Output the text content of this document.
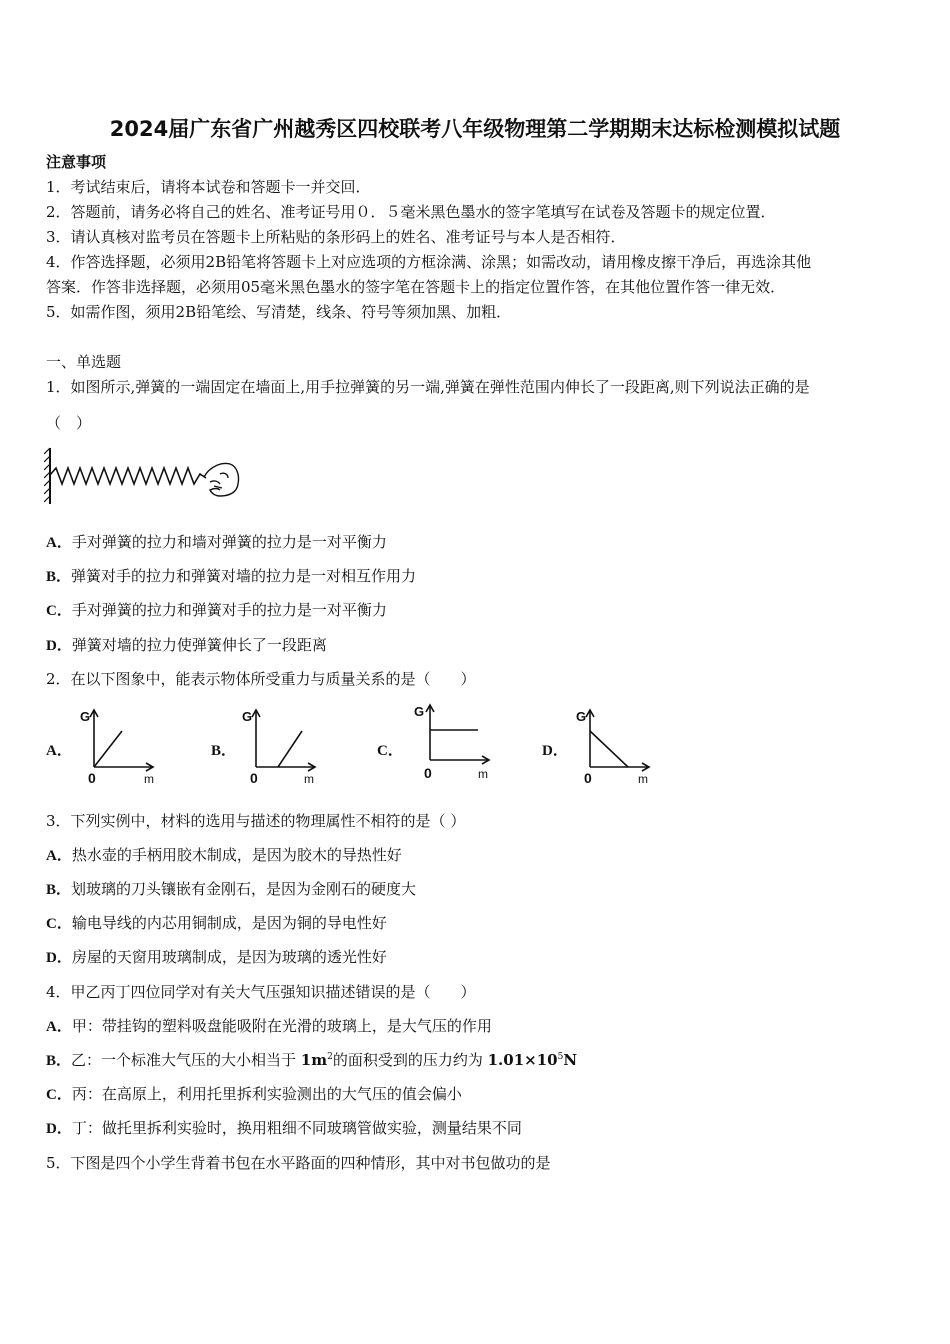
2024届广东省广州越秀区四校联考八年级物理第二学期期末达标检测模拟试题
注意事项
1．考试结束后，请将本试卷和答题卡一并交回．
2．答题前，请务必将自己的姓名、准考证号用０．５毫米黑色墨水的签字笔填写在试卷及答题卡的规定位置．
3．请认真核对监考员在答题卡上所粘贴的条形码上的姓名、准考证号与本人是否相符．
4．作答选择题，必须用2B铅笔将答题卡上对应选项的方框涂满、涂黑；如需改动，请用橡皮擦干净后，再选涂其他
答案．作答非选择题，必须用05毫米黑色墨水的签字笔在答题卡上的指定位置作答，在其他位置作答一律无效．
5．如需作图，须用2B铅笔绘、写清楚，线条、符号等须加黑、加粗．
一、单选题
1．如图所示,弹簧的一端固定在墙面上,用手拉弹簧的另一端,弹簧在弹性范围内伸长了一段距离,则下列说法正确的是
（　）
A．手对弹簧的拉力和墙对弹簧的拉力是一对平衡力
B．弹簧对手的拉力和弹簧对墙的拉力是一对相互作用力
C．手对弹簧的拉力和弹簧对手的拉力是一对平衡力
D．弹簧对墙的拉力使弹簧伸长了一段距离
2．在以下图象中，能表示物体所受重力与质量关系的是（　　）
A．
G
0	m
B．
G
0	m
C．
G
0	m
D．
G
0	m
3．下列实例中，材料的选用与描述的物理属性不相符的是（ ）
A．热水壶的手柄用胶木制成，是因为胶木的导热性好
B．划玻璃的刀头镶嵌有金刚石，是因为金刚石的硬度大
C．输电导线的内芯用铜制成，是因为铜的导电性好
D．房屋的天窗用玻璃制成，是因为玻璃的透光性好
4．甲乙丙丁四位同学对有关大气压强知识描述错误的是（　　）
A．甲：带挂钩的塑料吸盘能吸附在光滑的玻璃上，是大气压的作用
B．乙：一个标准大气压的大小相当于 $1m^2$的面积受到的压力约为 $1.01\times 10^5N$
C．丙：在高原上，利用托里拆利实验测出的大气压的值会偏小
D．丁：做托里拆利实验时，换用粗细不同玻璃管做实验，测量结果不同
5．下图是四个小学生背着书包在水平路面的四种情形，其中对书包做功的是
